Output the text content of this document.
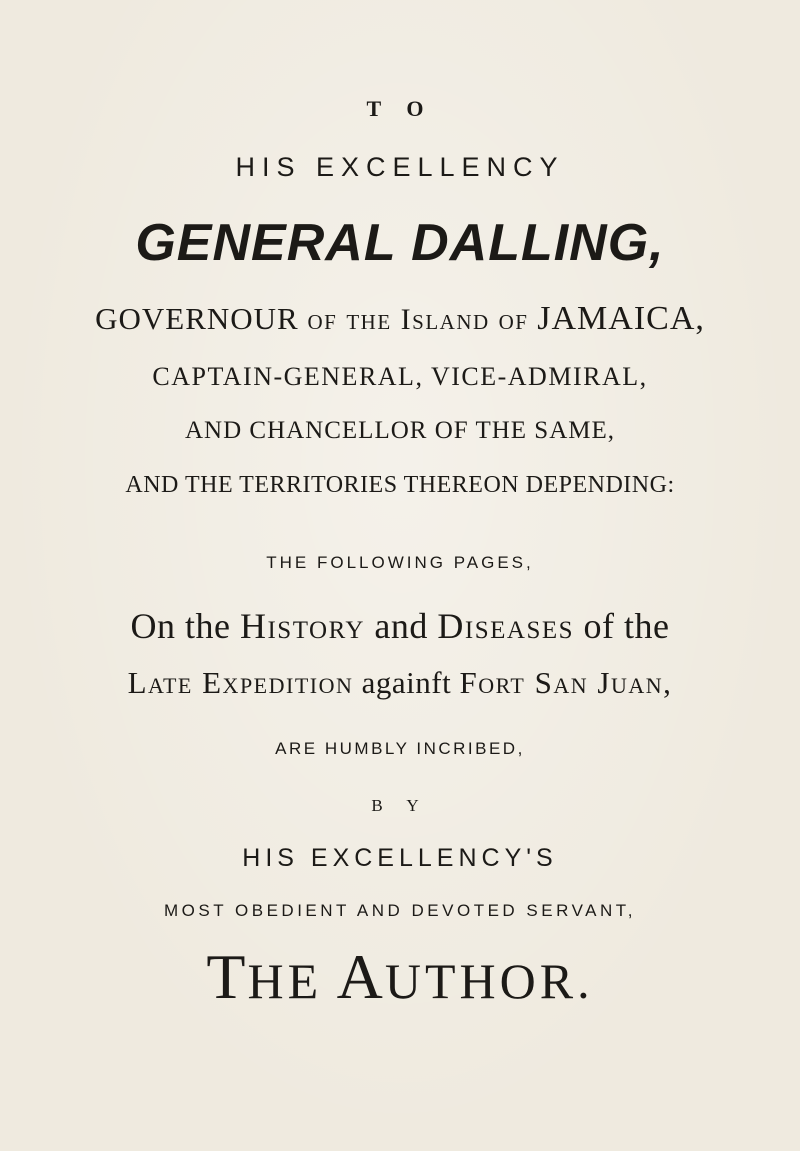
T O
HIS EXCELLENCY
GENERAL DALLING,
GOVERNOUR of the Island of JAMAICA,
CAPTAIN-GENERAL, VICE-ADMIRAL,
AND CHANCELLOR OF THE SAME,
AND THE TERRITORIES THEREON DEPENDING:
THE FOLLOWING PAGES,
On the History and Diseases of the
Late Expedition againft Fort San Juan,
ARE HUMBLY INCRIBED,
B Y
HIS EXCELLENCY'S
MOST OBEDIENT AND DEVOTED SERVANT,
THE AUTHOR.
